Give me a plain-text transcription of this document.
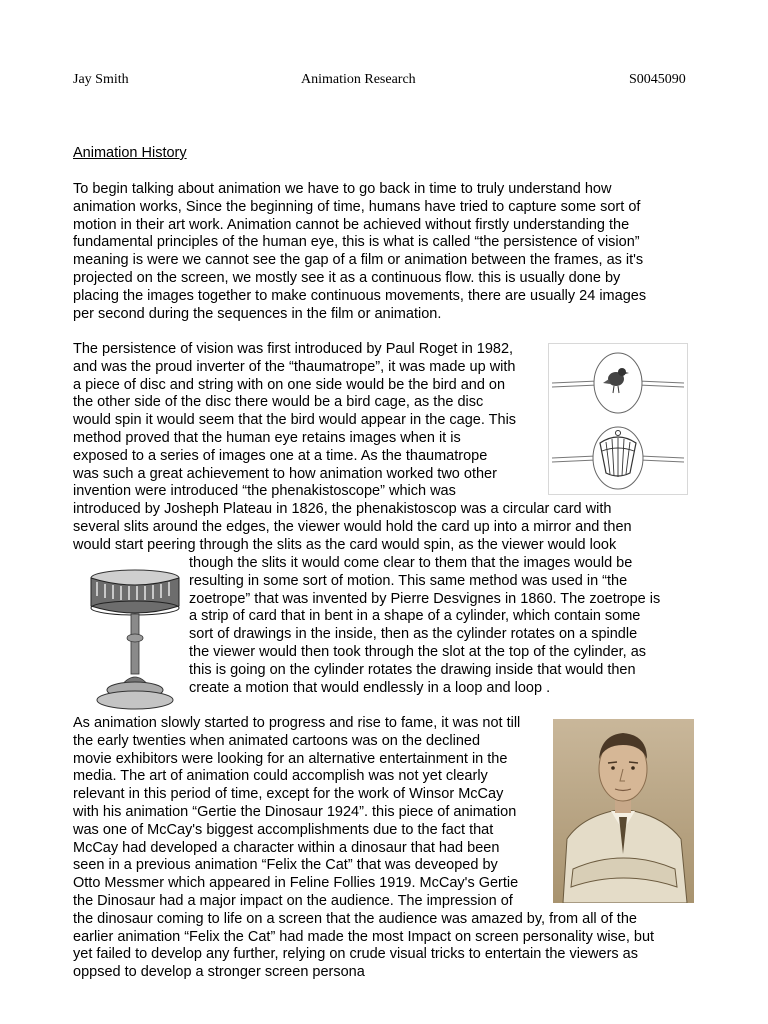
Jay Smith	Animation Research	S0045090
Animation History
To begin talking about animation we have to go back in time to truly understand how
animation works, Since the beginning of time, humans have tried to capture some sort of
motion in their art work. Animation cannot be achieved without firstly understanding the
fundamental principles of the human eye, this is what is called “the persistence of vision”
meaning is were we cannot see the gap of a film or animation between the frames, as it's
projected on the screen, we mostly see it as a continuous flow. this is usually done by
placing the images together to make continuous movements, there are usually 24 images
per second during the sequences in the film or animation.
The persistence of vision was first introduced by Paul Roget in 1982,
and was the proud inverter of the “thaumatrope”, it was made up with
a piece of disc and string with on one side would be the bird and on
the other side of the disc there would be a bird cage, as the disc
would spin it would seem that the bird would appear in the cage. This
method proved that the human eye retains images when it is
exposed to a series of images one at a time. As the thaumatrope
was such a great achievement to how animation worked two other
invention were introduced “the phenakistoscope” which was
introduced by Josheph Plateau in 1826, the phenakistoscop was a circular card with
several slits around the edges, the viewer would hold the card up into a mirror and then
would start peering through the slits as the card would spin, as the viewer would look
though the slits it would come clear to them that the images would be
resulting in some sort of motion. This same method was used in “the
zoetrope” that was invented by Pierre Desvignes in 1860. The zoetrope is
a strip of card that in bent in a shape of a cylinder, which contain some
sort of drawings in the inside, then as the cylinder rotates on a spindle
the viewer would then took through the slot at the top of the cylinder, as
this is going on the cylinder rotates the drawing inside that would then
create a motion that would endlessly in a loop and loop .
As animation slowly started to progress and rise to fame, it was not till
the early twenties when animated cartoons was on the declined
movie exhibitors were looking for an alternative entertainment in the
media. The art of animation could accomplish was not yet clearly
relevant in this period of time, except for the work of Winsor McCay
with his animation “Gertie the Dinosaur 1924”. this piece of animation
was one of McCay's biggest accomplishments due to the fact that
McCay had developed a character within a dinosaur that had been
seen in a previous animation “Felix the Cat” that was deveoped by
Otto Messmer which appeared in Feline Follies 1919. McCay's Gertie
the Dinosaur had a major impact on the audience. The impression of
the dinosaur coming to life on a screen that the audience was amazed by, from all of the
earlier animation “Felix the Cat” had made the most Impact on screen personality wise, but
yet failed to develop any further, relying on crude visual tricks to entertain the viewers as
oppsed to develop a stronger screen persona
